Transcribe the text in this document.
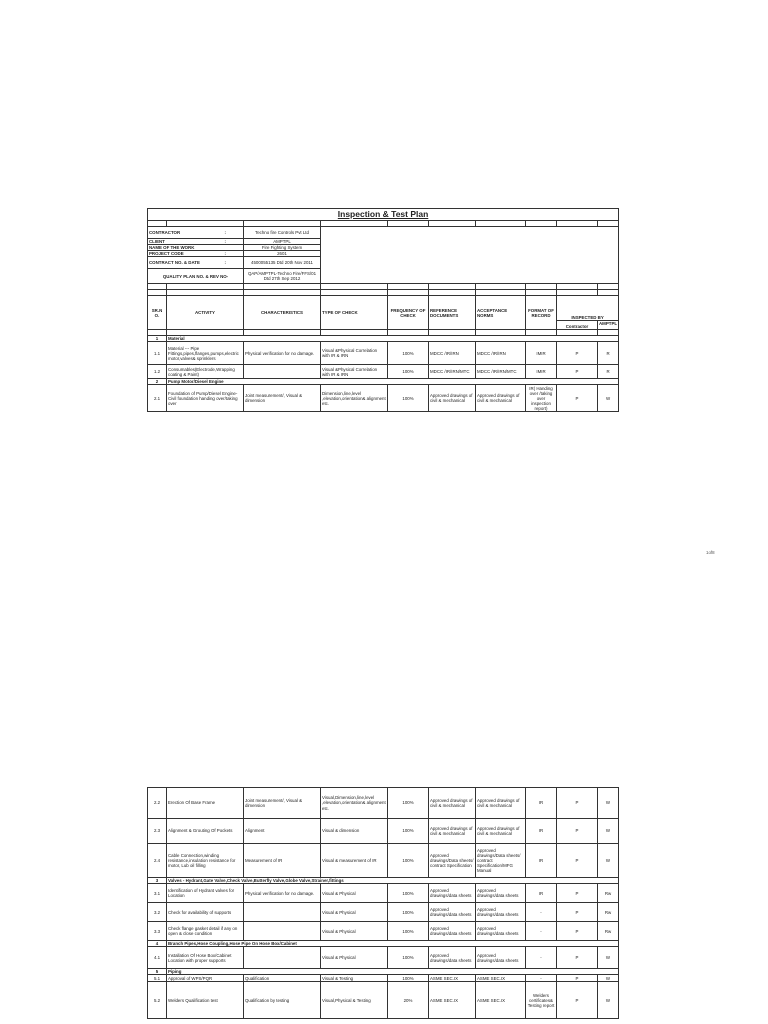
Inspection & Test Plan									

:
CONTRACTOR		Techno fire Controls Pvt Ltd							

:
CLIENT		AMPTPL							

NAME OF THE WORK		Fire Fighting System							

:
PROJECT CODE		2601							

:
CONTRACT NO. & DATE		4500055135 Dtd 20th Nov 2011							

QUALITY PLAN NO. & REV NO-		QAP/AMPTPL-Techno Fire/FFS/01 Dtd 27th Sep 2012							

SR.N O.	ACTIVITY	CHARACTERISTICS	TYPE OF CHECK	FREQUENCY OF CHECK	REFERENCE DOCUMENTS	ACCEPTANCE NORMS	FORMAT OF RECORD	INSPECTED BY	
								Contractor	AMPTPL

1	Material								
1.1	Material --- Pipe Fittings,pipes,flanges,pumps,electric motor,valves& sprinklers	Physical verification for no damage.	Visual &Physical Correlation with IR & IRN	100%	MDCC /IR/IRN	MDCC /IR/IRN	IMIR	P	R
1.2	Consumables(Electrode,Wrapping coating & Paint)		Visual &Physical Correlation with IR & IRN	100%	MDCC /IR/IRN/MTC	MDCC /IR/IRN/MTC	IMIR	P	R
2	Pump Motor/Diesel Engine								
2.1	Foundation of Pump/Diesel Engine-Civil foundation handing over/taking over	Joint measurement/, Visual & dimension	Dimension,line,level ,elevation,orientation& alignment etc.	100%	Approved drawings of civil & mechanical	Approved drawings of civil & mechanical	IR( Handing over /taking over inspection report)	P	W
2.2	Erection Of Base Frame	Joint measurement/, Visual & dimension	Visual,Dimension,line,level ,elevation,orientation& alignment etc.	100%	Approved drawings of civil & mechanical	Approved drawings of civil & mechanical	IR	P	W
2.3	Alignment & Grouting Of Pockets	Alignment	Visual & dimension	100%	Approved drawings of civil & mechanical	Approved drawings of civil & mechanical	IR	P	W
2.4	Cable Connection,winding resistance,insulation resistance for motor, Lub oil filling	Measurement of IR	Visual & measurement of IR	100%	Approved drawings/Data sheets/ contract Specification	Approved drawings/Data sheets/ contract Specification/MFG Manual	IR	P	W
3	Valves - Hydrant,Gate Valve,Check Valve,Butterfly Valve,Globe Valve,Strainer,fittings								
3.1	Identification of Hydrant valves for Location	Physical verification for no damage.	Visual & Physical	100%	Approved drawings/data sheets	Approved drawings/data sheets	IR	P	Rw
3.2	Check for availability of supports		Visual & Physical	100%	Approved drawings/data sheets	Approved drawings/data sheets	-	P	Rw
3.3	Check flange gasket detail if any on open & close condition		Visual & Physical	100%	Approved drawings/data sheets	Approved drawings/data sheets	-	P	Rw
4	Branch Pipes,Hose Coupling,Hose Pipe On Hose Box/Cabinet								
4.1	Installation Of Hose Box/Cabinet Location with proper supports		Visual & Physical	100%	Approved drawings/data sheets	Approved drawings/data sheets	-	P	W
5	Piping								
5.1	Approval of WPS/PQR	Qualification	Visual & Testing	100%	ASME SEC.IX	ASME SEC.IX	-	P	W
5.2	Welders Qualification test	Qualification by testing	Visual,Physical & Testing	20%	ASME SEC.IX	ASME SEC.IX	Welders certificates& Testing report	P	W
1of8
